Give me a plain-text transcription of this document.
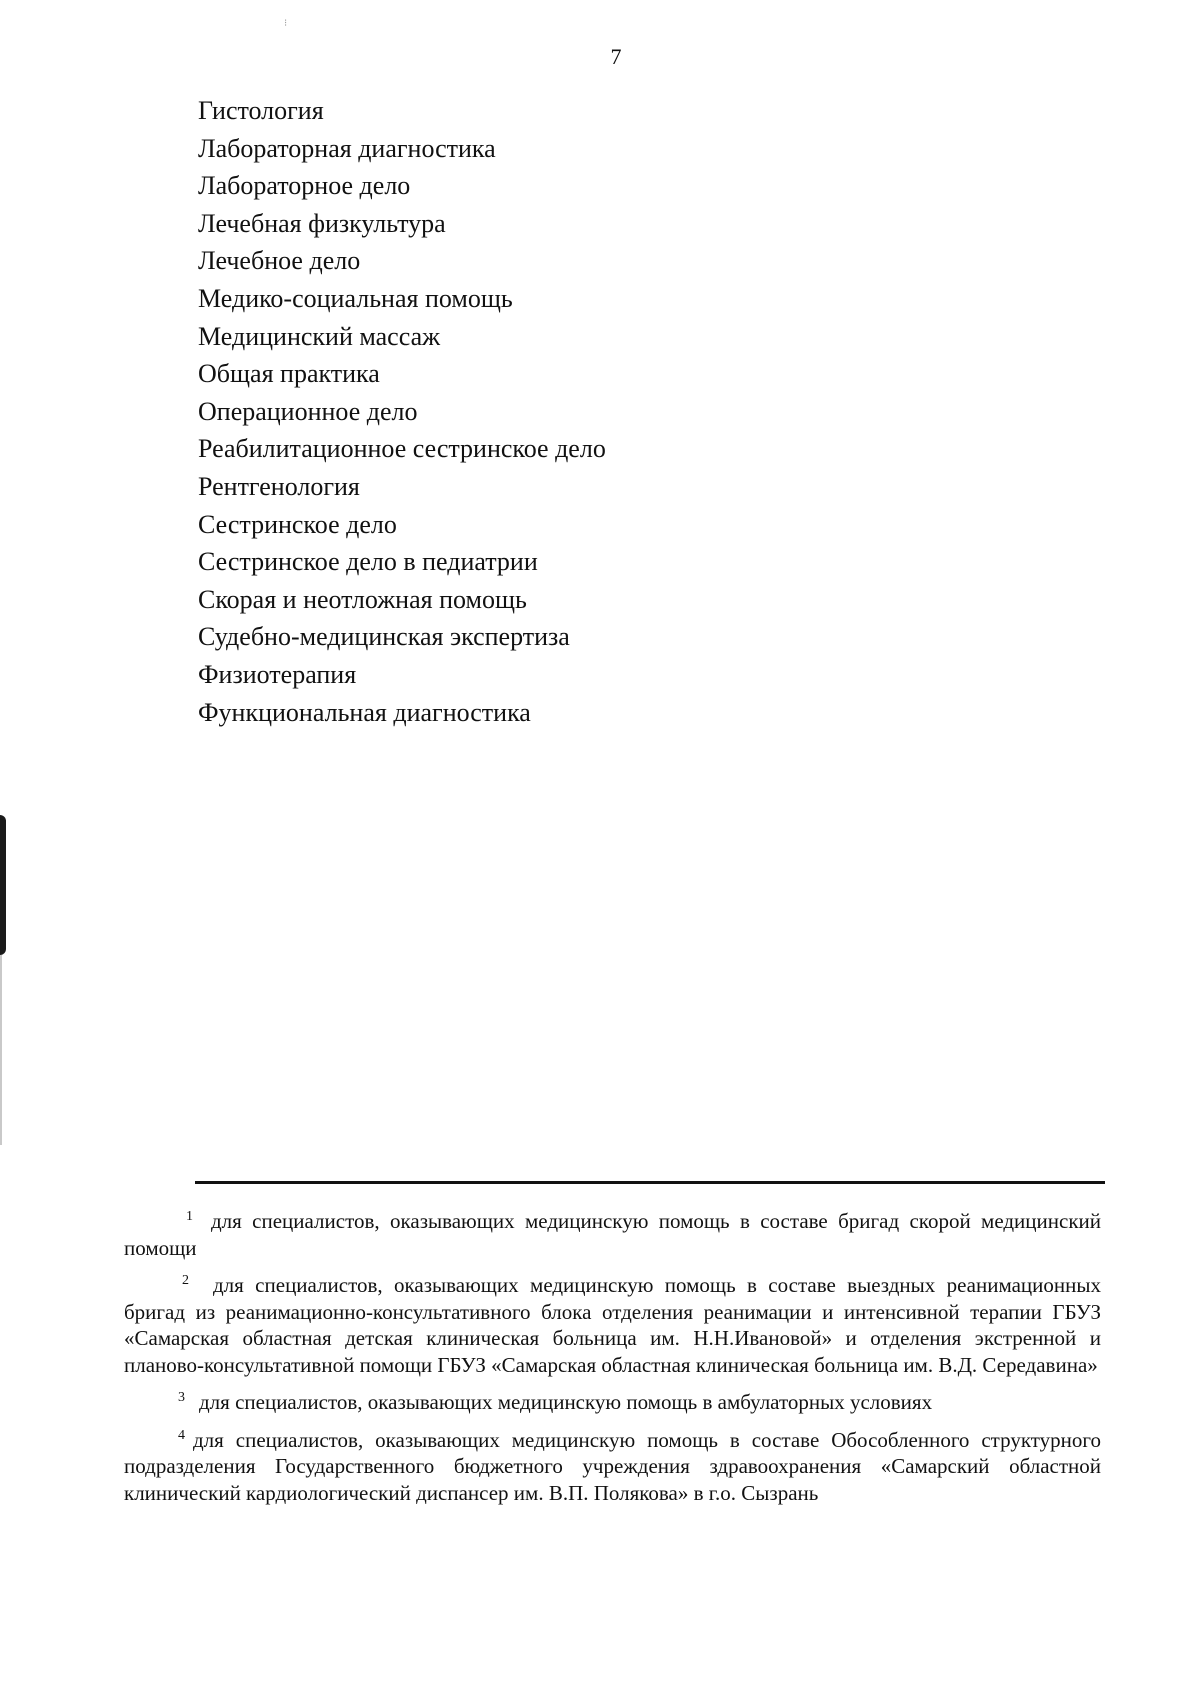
⁝
7
Гистология
Лабораторная диагностика
Лабораторное дело
Лечебная физкультура
Лечебное дело
Медико-социальная помощь
Медицинский массаж
Общая практика
Операционное дело
Реабилитационное сестринское дело
Рентгенология
Сестринское дело
Сестринское дело в педиатрии
Скорая и неотложная помощь
Судебно-медицинская экспертиза
Физиотерапия
Функциональная диагностика

$^1$ для специалистов, оказывающих медицинскую помощь в составе бригад скорой медицинский помощи

$^2$ для специалистов, оказывающих медицинскую помощь в составе выездных реанимационных бригад из реанимационно-консультативного блока отделения реанимации и интенсивной терапии ГБУЗ «Самарская областная детская клиническая больница им. Н.Н.Ивановой» и отделения экстренной и планово-консультативной помощи ГБУЗ «Самарская областная клиническая больница им. В.Д. Середавина»

$^3$ для специалистов, оказывающих медицинскую помощь в амбулаторных условиях

$^4$ для специалистов, оказывающих медицинскую помощь в составе Обособленного структурного подразделения Государственного бюджетного учреждения здравоохранения «Самарский областной клинический кардиологический диспансер им. В.П. Полякова» в г.о. Сызрань
